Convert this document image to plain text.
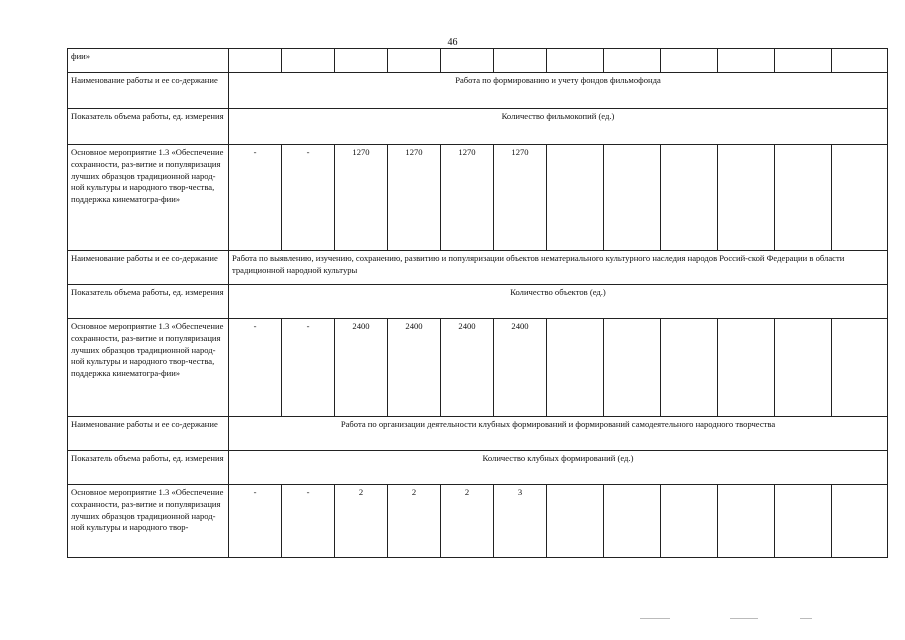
46
фии»												
Наименование работы и ее со-держание	Работа по формированию и учету фондов фильмофонда											
Показатель объема работы, ед. измерения	Количество фильмокопий (ед.)											
Основное мероприятие 1.3 «Обеспечение сохранности, раз-витие и популяризация лучших образцов традиционной народ-ной культуры и народного твор-чества, поддержка кинематогра-фии»	-	-	1270	1270	1270	1270						
Наименование работы и ее со-держание	Работа по выявлению, изучению, сохранению, развитию и популяризации объектов нематериального культурного наследия народов Россий-ской Федерации в области традиционной народной культуры											
Показатель объема работы, ед. измерения	Количество объектов (ед.)											
Основное мероприятие 1.3 «Обеспечение сохранности, раз-витие и популяризация лучших образцов традиционной народ-ной культуры и народного твор-чества, поддержка кинематогра-фии»	-	-	2400	2400	2400	2400						
Наименование работы и ее со-держание	Работа по организации деятельности клубных формирований и формирований самодеятельного народного творчества											
Показатель объема работы, ед. измерения	Количество клубных формирований (ед.)											
Основное мероприятие 1.3 «Обеспечение сохранности, раз-витие и популяризация лучших образцов традиционной народ-ной культуры и народного твор-	-	-	2	2	2	3						
